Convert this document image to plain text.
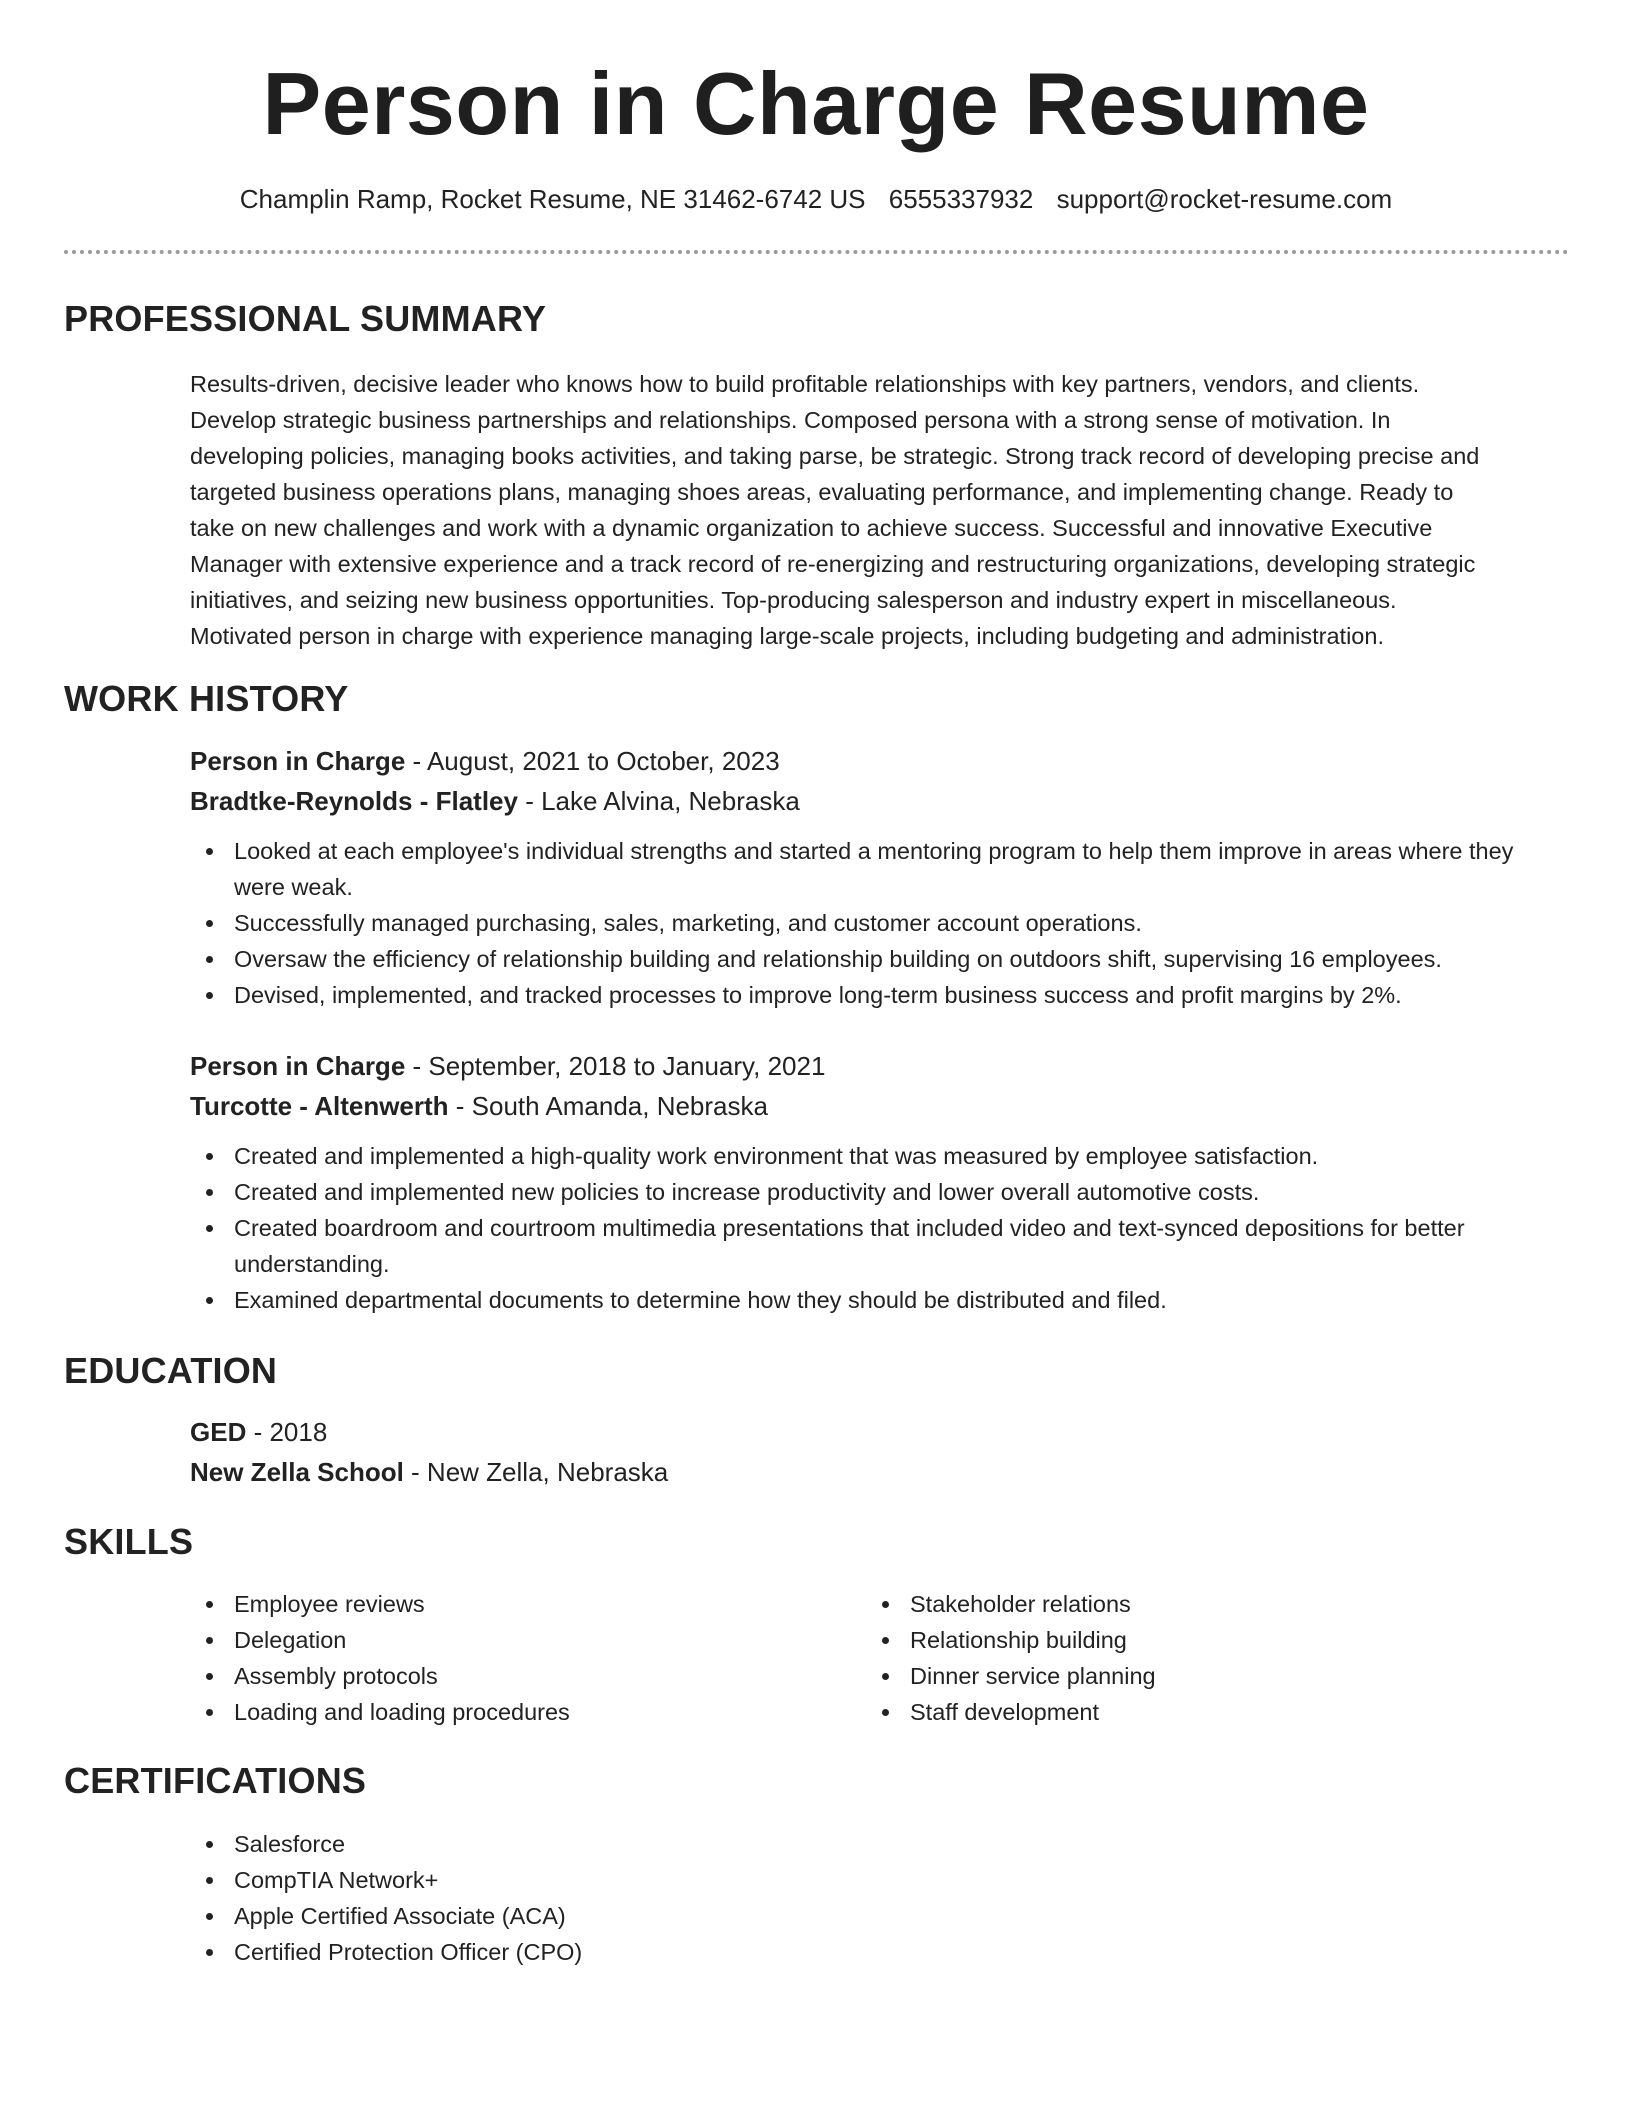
Person in Charge Resume
Champlin Ramp, Rocket Resume, NE 31462-6742 US 6555337932 support@rocket-resume.com
PROFESSIONAL SUMMARY
Results-driven, decisive leader who knows how to build profitable relationships with key partners, vendors, and clients.
Develop strategic business partnerships and relationships. Composed persona with a strong sense of motivation. In
developing policies, managing books activities, and taking parse, be strategic. Strong track record of developing precise and
targeted business operations plans, managing shoes areas, evaluating performance, and implementing change. Ready to
take on new challenges and work with a dynamic organization to achieve success. Successful and innovative Executive
Manager with extensive experience and a track record of re-energizing and restructuring organizations, developing strategic
initiatives, and seizing new business opportunities. Top-producing salesperson and industry expert in miscellaneous.
Motivated person in charge with experience managing large-scale projects, including budgeting and administration.
WORK HISTORY
Person in Charge - August, 2021 to October, 2023
Bradtke-Reynolds - Flatley - Lake Alvina, Nebraska
Looked at each employee's individual strengths and started a mentoring program to help them improve in areas where they were weak.
Successfully managed purchasing, sales, marketing, and customer account operations.
Oversaw the efficiency of relationship building and relationship building on outdoors shift, supervising 16 employees.
Devised, implemented, and tracked processes to improve long-term business success and profit margins by 2%.
Person in Charge - September, 2018 to January, 2021
Turcotte - Altenwerth - South Amanda, Nebraska
Created and implemented a high-quality work environment that was measured by employee satisfaction.
Created and implemented new policies to increase productivity and lower overall automotive costs.
Created boardroom and courtroom multimedia presentations that included video and text-synced depositions for better understanding.
Examined departmental documents to determine how they should be distributed and filed.
EDUCATION
GED - 2018
New Zella School - New Zella, Nebraska
SKILLS
Employee reviews
Delegation
Assembly protocols
Loading and loading procedures
Stakeholder relations
Relationship building
Dinner service planning
Staff development
CERTIFICATIONS
Salesforce
CompTIA Network+
Apple Certified Associate (ACA)
Certified Protection Officer (CPO)
